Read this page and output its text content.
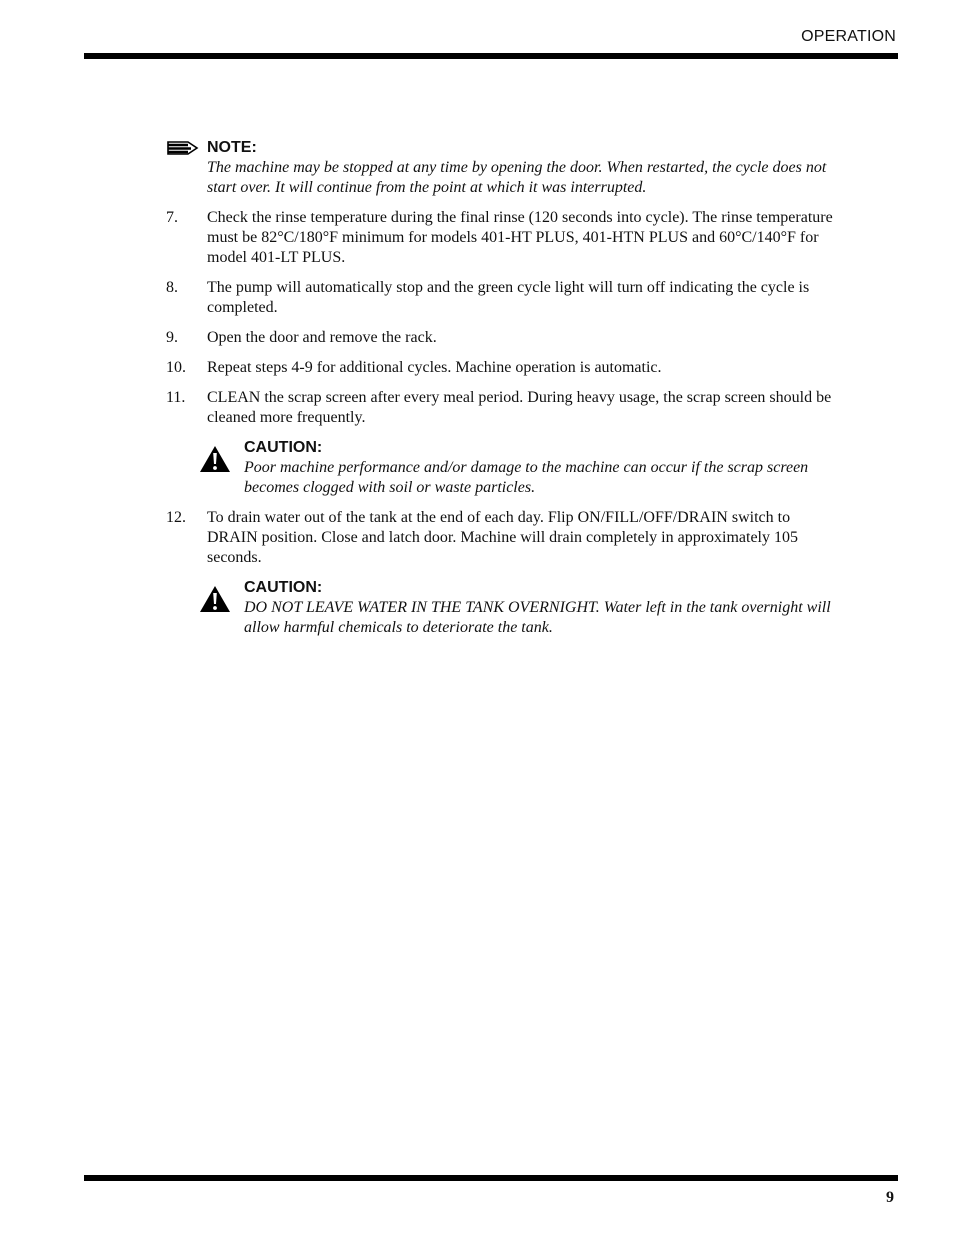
OPERATION
NOTE:
The machine may be stopped at any time by opening the door. When restarted, the cycle does not start over. It will continue from the point at which it was interrupted.
7.	Check the rinse temperature during the final rinse (120 seconds into cycle). The rinse temperature must be 82°C/180°F minimum for models 401-HT PLUS, 401-HTN PLUS and 60°C/140°F for model 401-LT PLUS.
8.	The pump will automatically stop and the green cycle light will turn off indicating the cycle is completed.
9.	Open the door and remove the rack.
10.	Repeat steps 4-9 for additional cycles. Machine operation is automatic.
11.	CLEAN the scrap screen after every meal period. During heavy usage, the scrap screen should be cleaned more frequently.
CAUTION:
Poor machine performance and/or damage to the machine can occur if the scrap screen becomes clogged with soil or waste particles.
12.	To drain water out of the tank at the end of each day. Flip ON/FILL/OFF/DRAIN switch to DRAIN position. Close and latch door. Machine will drain completely in approximately 105 seconds.
CAUTION:
DO NOT LEAVE WATER IN THE TANK OVERNIGHT. Water left in the tank overnight will allow harmful chemicals to deteriorate the tank.
9
